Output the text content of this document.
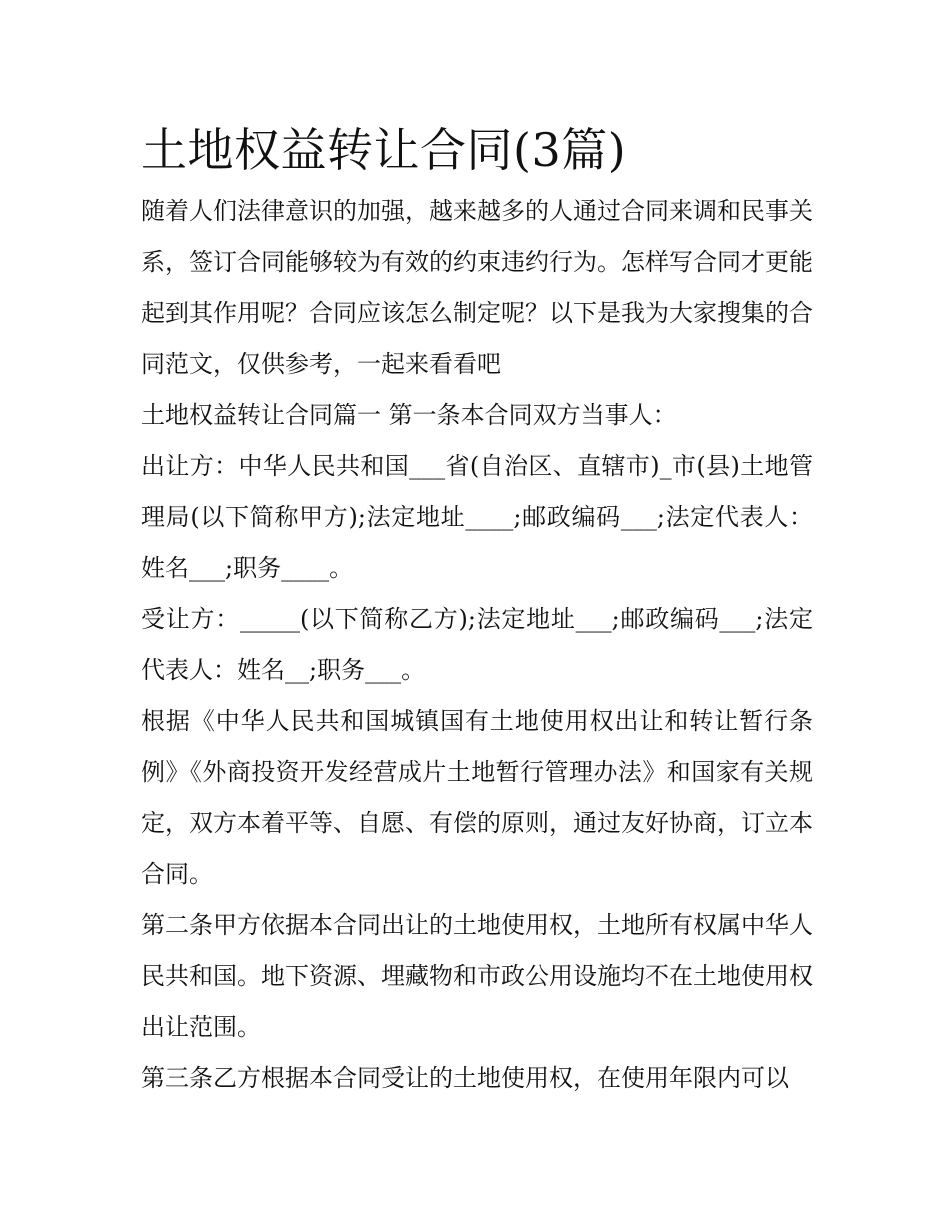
土地权益转让合同(3篇)

随着人们法律意识的加强，越来越多的人通过合同来调和民事关系，签订合同能够较为有效的约束违约行为。怎样写合同才更能起到其作用呢？合同应该怎么制定呢？以下是我为大家搜集的合同范文，仅供参考，一起来看看吧

土地权益转让合同篇一 第一条本合同双方当事人：

出让方：中华人民共和国___省(自治区、直辖市)_市(县)土地管理局(以下简称甲方);法定地址____;邮政编码___;法定代表人：姓名___;职务____。

受让方：_____(以下简称乙方);法定地址___;邮政编码___;法定代表人：姓名__;职务___。

根据《中华人民共和国城镇国有土地使用权出让和转让暂行条例》《外商投资开发经营成片土地暂行管理办法》和国家有关规定，双方本着平等、自愿、有偿的原则，通过友好协商，订立本合同。

第二条甲方依据本合同出让的土地使用权，土地所有权属中华人民共和国。地下资源、埋藏物和市政公用设施均不在土地使用权出让范围。

第三条乙方根据本合同受让的土地使用权，在使用年限内可以
